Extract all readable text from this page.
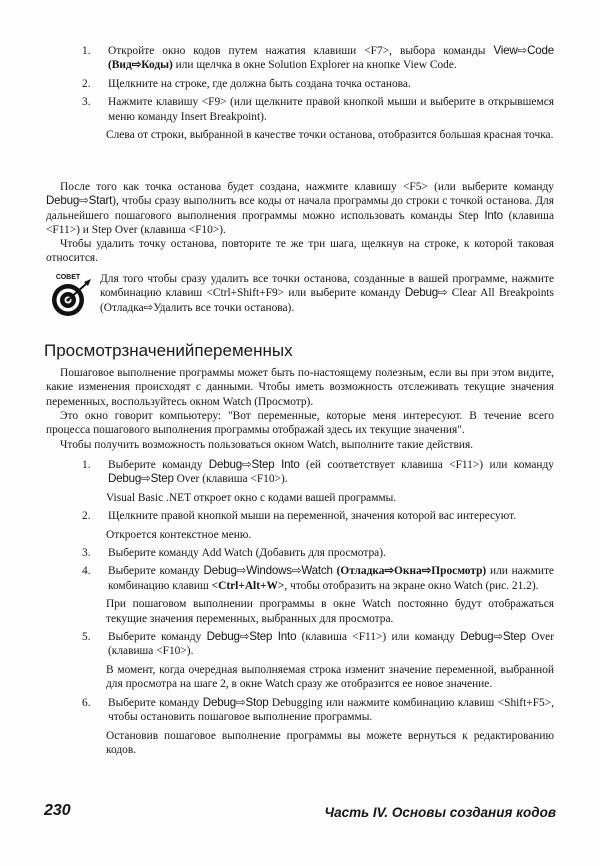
1.	Откройте окно кодов путем нажатия клавиши <F7>, выбора команды View⇨Code (Вид⇨Коды) или щелчка в окне Solution Explorer на кнопке View Code.
2.	Щелкните на строке, где должна быть создана точка останова.
3.	Нажмите клавишу <F9> (или щелкните правой кнопкой мыши и выберите в открывшемся меню команду Insert Breakpoint).
Слева от строки, выбранной в качестве точки останова, отобразится большая красная точка.
После того как точка останова будет создана, нажмите клавишу <F5> (или выберите команду Debug⇨Start), чтобы сразу выполнить все коды от начала программы до строки с точкой останова. Для дальнейшего пошагового выполнения программы можно использовать команды Step Into (клавиша <F11>) и Step Over (клавиша <F10>).
Чтобы удалить точку останова, повторите те же три шага, щелкнув на строке, к которой таковая относится.
СОВЕТ Для того чтобы сразу удалить все точки останова, созданные в вашей программе, нажмите комбинацию клавиш <Ctrl+Shift+F9> или выберите команду Debug⇨ Clear All Breakpoints (Отладка⇨Удалить все точки останова).
Просмотрзначенийпеременных
Пошаговое выполнение программы может быть по-настоящему полезным, если вы при этом видите, какие изменения происходят с данными. Чтобы иметь возможность отслеживать текущие значения переменных, воспользуйтесь окном Watch (Просмотр).
Это окно говорит компьютеру: "Вот переменные, которые меня интересуют. В течение всего процесса пошагового выполнения программы отображай здесь их текущие значения".
Чтобы получить возможность пользоваться окном Watch, выполните такие действия.
1.	Выберите команду Debug⇨Step Into (ей соответствует клавиша <F11>) или команду Debug⇨Step Over (клавиша <F10>).
Visual Basic .NET откроет окно с кодами вашей программы.
2.	Щелкните правой кнопкой мыши на переменной, значения которой вас интересуют.
Откроется контекстное меню.
3.	Выберите команду Add Watch (Добавить для просмотра).
4.	Выберите команду Debug⇨Windows⇨Watch (Отладка⇨Окна⇨Просмотр) или нажмите комбинацию клавиш <Ctrl+Alt+W>, чтобы отобразить на экране окно Watch (рис. 21.2).
При пошаговом выполнении программы в окне Watch постоянно будут отображаться текущие значения переменных, выбранных для просмотра.
5.	Выберите команду Debug⇨Step Into (клавиша <F11>) или команду Debug⇨Step Over (клавиша <F10>).
В момент, когда очередная выполняемая строка изменит значение переменной, выбранной для просмотра на шаге 2, в окне Watch сразу же отобразится ее новое значение.
6.	Выберите команду Debug⇨Stop Debugging или нажмите комбинацию клавиш <Shift+F5>, чтобы остановить пошаговое выполнение программы.
Остановив пошаговое выполнение программы вы можете вернуться к редактированию кодов.
230	Часть IV. Основы создания кодов
